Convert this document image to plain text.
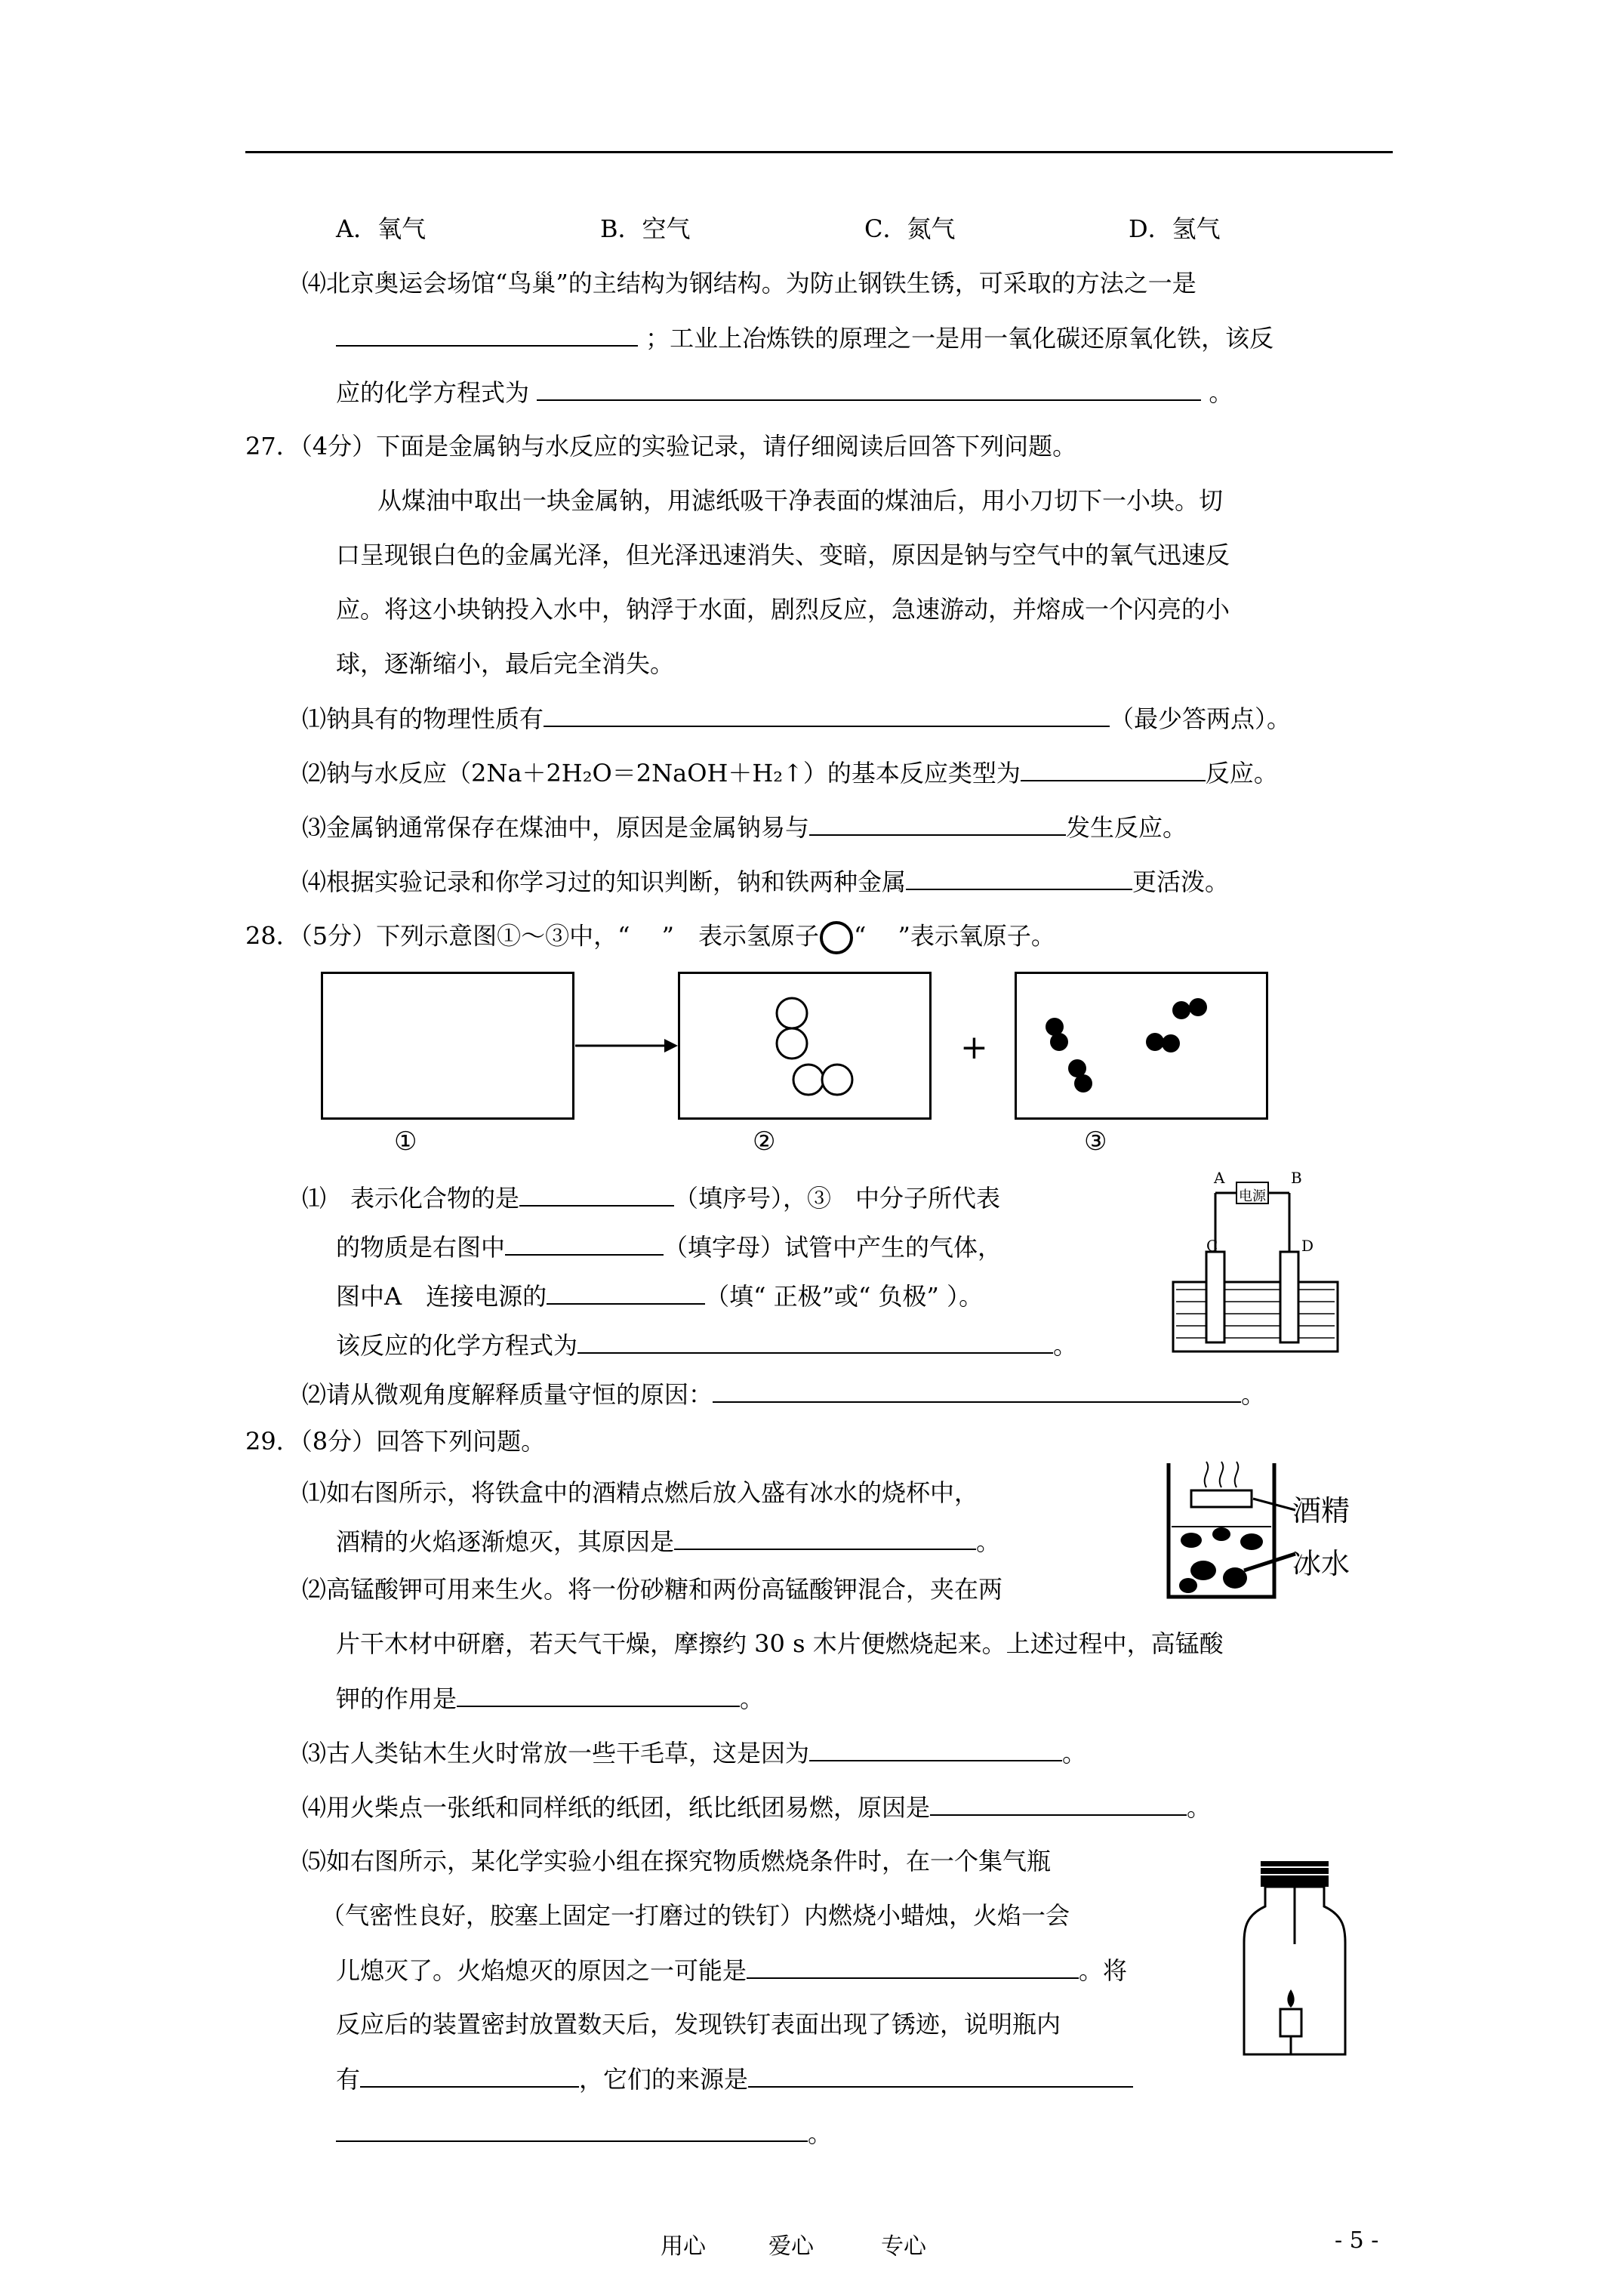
A．氧气	B．空气	C．氮气	D．氢气
⑷北京奥运会场馆“鸟巢”的主结构为钢结构。为防止钢铁生锈，可采取的方法之一是
；工业上冶炼铁的原理之一是用一氧化碳还原氧化铁，该反
应的化学方程式为	。
27．（4分）下面是金属钠与水反应的实验记录，请仔细阅读后回答下列问题。
从煤油中取出一块金属钠，用滤纸吸干净表面的煤油后，用小刀切下一小块。切
口呈现银白色的金属光泽，但光泽迅速消失、变暗，原因是钠与空气中的氧气迅速反
应。将这小块钠投入水中，钠浮于水面，剧烈反应，急速游动，并熔成一个闪亮的小
球，逐渐缩小，最后完全消失。
⑴钠具有的物理性质有	（最少答两点）。
⑵钠与水反应（2Na＋2H₂O＝2NaOH＋H₂↑）的基本反应类型为	反应。
⑶金属钠通常保存在煤油中，原因是金属钠易与	发生反应。
⑷根据实验记录和你学习过的知识判断，钠和铁两种金属	更活泼。
28．（5分）下列示意图①～③中，“　 ”　表示氢原子 “　 ”表示氧原子。
+
①	②	③
⑴　表示化合物的是	（填序号），③　中分子所代表
的物质是右图中	（填字母）试管中产生的气体，
图中A　连接电源的	（填“ 正极”或“ 负极” ）。
该反应的化学方程式为	。
A	B
电源
C	D
⑵请从微观角度解释质量守恒的原因：	。
29．（8分）回答下列问题。
⑴如右图所示，将铁盒中的酒精点燃后放入盛有冰水的烧杯中，
酒精的火焰逐渐熄灭，其原因是	。
酒精
冰水
⑵高锰酸钾可用来生火。将一份砂糖和两份高锰酸钾混合，夹在两
片干木材中研磨，若天气干燥，摩擦约 30 s 木片便燃烧起来。上述过程中，高锰酸
钾的作用是	。
⑶古人类钻木生火时常放一些干毛草，这是因为	。
⑷用火柴点一张纸和同样纸的纸团，纸比纸团易燃，原因是	。
⑸如右图所示，某化学实验小组在探究物质燃烧条件时，在一个集气瓶
（气密性良好，胶塞上固定一打磨过的铁钉）内燃烧小蜡烛，火焰一会
儿熄灭了。火焰熄灭的原因之一可能是	。将
反应后的装置密封放置数天后，发现铁钉表面出现了锈迹，说明瓶内
有	，它们的来源是
。
用心	爱心	专心	- 5 -
